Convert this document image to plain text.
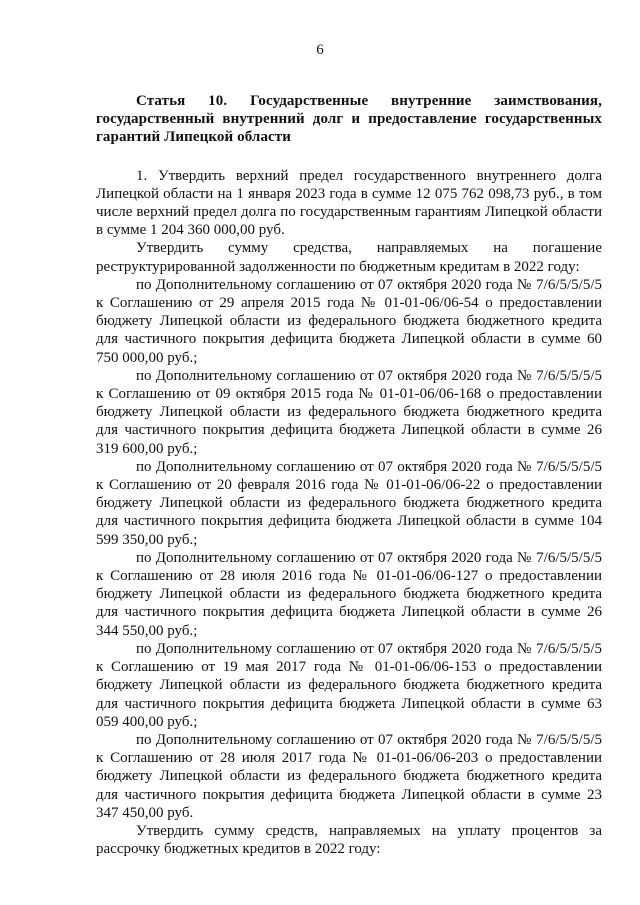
6
Статья 10. Государственные внутренние заимствования, государственный внутренний долг и предоставление государственных гарантий Липецкой области

1. Утвердить верхний предел государственного внутреннего долга Липецкой области на 1 января 2023 года в сумме 12 075 762 098,73 руб., в том числе верхний предел долга по государственным гарантиям Липецкой области в сумме 1 204 360 000,00 руб.

Утвердить сумму средства, направляемых на погашение реструктурированной задолженности по бюджетным кредитам в 2022 году:

по Дополнительному соглашению от 07 октября 2020 года № 7/6/5/5/5/5 к Соглашению от 29 апреля 2015 года № 01-01-06/06-54 о предоставлении бюджету Липецкой области из федерального бюджета бюджетного кредита для частичного покрытия дефицита бюджета Липецкой области в сумме 60 750 000,00 руб.;

по Дополнительному соглашению от 07 октября 2020 года № 7/6/5/5/5/5 к Соглашению от 09 октября 2015 года № 01-01-06/06-168 о предоставлении бюджету Липецкой области из федерального бюджета бюджетного кредита для частичного покрытия дефицита бюджета Липецкой области в сумме 26 319 600,00 руб.;

по Дополнительному соглашению от 07 октября 2020 года № 7/6/5/5/5/5 к Соглашению от 20 февраля 2016 года № 01-01-06/06-22 о предоставлении бюджету Липецкой области из федерального бюджета бюджетного кредита для частичного покрытия дефицита бюджета Липецкой области в сумме 104 599 350,00 руб.;

по Дополнительному соглашению от 07 октября 2020 года № 7/6/5/5/5/5 к Соглашению от 28 июля 2016 года № 01-01-06/06-127 о предоставлении бюджету Липецкой области из федерального бюджета бюджетного кредита для частичного покрытия дефицита бюджета Липецкой области в сумме 26 344 550,00 руб.;

по Дополнительному соглашению от 07 октября 2020 года № 7/6/5/5/5/5 к Соглашению от 19 мая 2017 года № 01-01-06/06-153 о предоставлении бюджету Липецкой области из федерального бюджета бюджетного кредита для частичного покрытия дефицита бюджета Липецкой области в сумме 63 059 400,00 руб.;

по Дополнительному соглашению от 07 октября 2020 года № 7/6/5/5/5/5 к Соглашению от 28 июля 2017 года № 01-01-06/06-203 о предоставлении бюджету Липецкой области из федерального бюджета бюджетного кредита для частичного покрытия дефицита бюджета Липецкой области в сумме 23 347 450,00 руб.

Утвердить сумму средств, направляемых на уплату процентов за рассрочку бюджетных кредитов в 2022 году:
